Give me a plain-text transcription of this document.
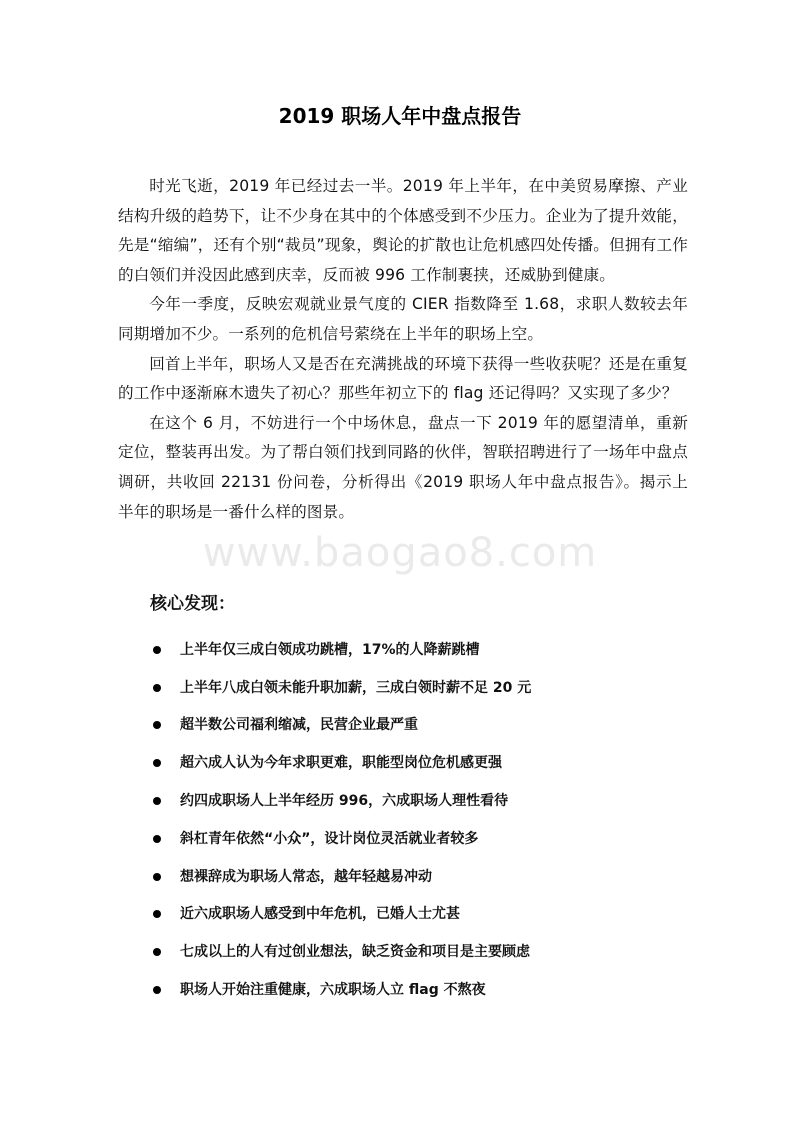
2019 职场人年中盘点报告

时光飞逝，2019 年已经过去一半。2019 年上半年，在中美贸易摩擦、产业结构升级的趋势下，让不少身在其中的个体感受到不少压力。企业为了提升效能，先是“缩编”，还有个别“裁员”现象，舆论的扩散也让危机感四处传播。但拥有工作的白领们并没因此感到庆幸，反而被 996 工作制裹挟，还威胁到健康。

今年一季度，反映宏观就业景气度的 CIER 指数降至 1.68，求职人数较去年同期增加不少。一系列的危机信号萦绕在上半年的职场上空。

回首上半年，职场人又是否在充满挑战的环境下获得一些收获呢？还是在重复的工作中逐渐麻木遗失了初心？那些年初立下的 flag 还记得吗？又实现了多少？

在这个 6 月，不妨进行一个中场休息，盘点一下 2019 年的愿望清单，重新定位，整装再出发。为了帮白领们找到同路的伙伴，智联招聘进行了一场年中盘点调研，共收回 22131 份问卷，分析得出《2019 职场人年中盘点报告》。揭示上半年的职场是一番什么样的图景。

www.baogao8.com
核心发现：
上半年仅三成白领成功跳槽，17%的人降薪跳槽
上半年八成白领未能升职加薪，三成白领时薪不足 20 元
超半数公司福利缩减，民营企业最严重
超六成人认为今年求职更难，职能型岗位危机感更强
约四成职场人上半年经历 996，六成职场人理性看待
斜杠青年依然“小众”，设计岗位灵活就业者较多
想裸辞成为职场人常态，越年轻越易冲动
近六成职场人感受到中年危机，已婚人士尤甚
七成以上的人有过创业想法，缺乏资金和项目是主要顾虑
职场人开始注重健康，六成职场人立 flag 不熬夜
